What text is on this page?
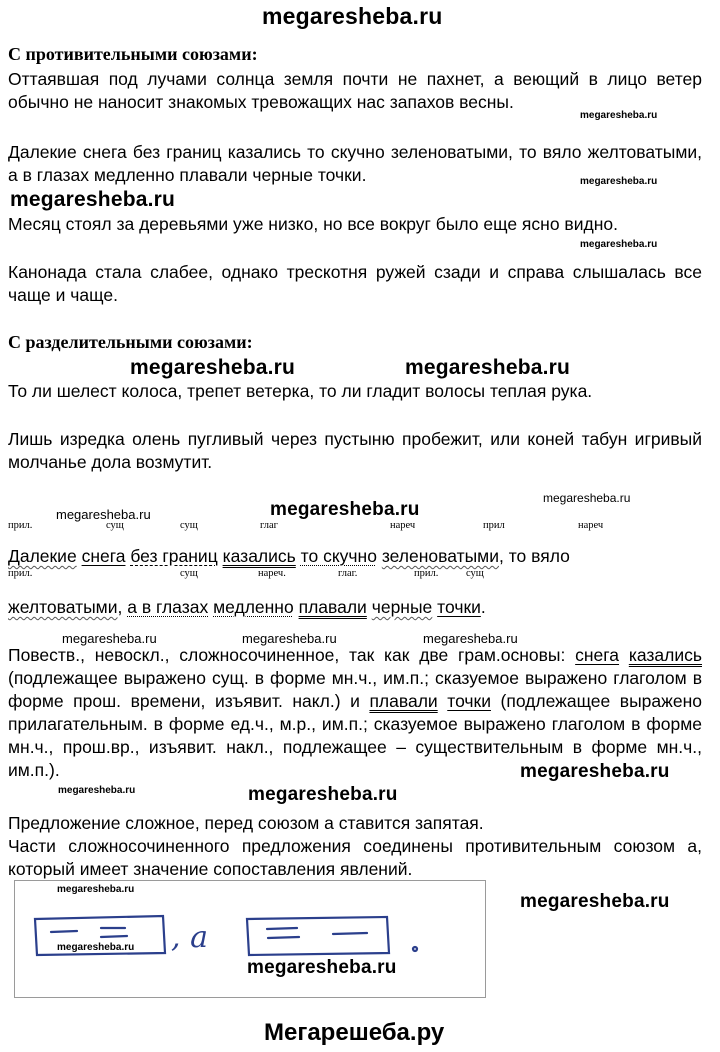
megaresheba.ru
С противительными союзами:

Оттаявшая под лучами солнца земля почти не пахнет, а веющий в лицо ветер обычно не наносит знакомых тревожащих нас запахов весны.

megaresheba.ru

Далекие снега без границ казались то скучно зеленоватыми, то вяло желтоватыми, а в глазах медленно плавали черные точки.

megaresheba.ru
megaresheba.ru

Месяц стоял за деревьями уже низко, но все вокруг было еще ясно видно.

megaresheba.ru

Канонада стала слабее, однако трескотня ружей сзади и справа слышалась все чаще и чаще.

С разделительными союзами:
megaresheba.ru	megaresheba.ru

То ли шелест колоса, трепет ветерка, то ли гладит волосы теплая рука.

Лишь изредка олень пугливый через пустыню пробежит, или коней табун игривый молчанье дола возмутит.

megaresheba.ru
megaresheba.ru
megaresheba.ru
прил.	сущ	сущ	глаг	нареч	прил	нареч
Далекие снега без границ казались то скучно зеленоватыми, то вяло
прил.	сущ	нареч.	глаг.	прил.	сущ
желтоватыми, а в глазах медленно плавали черные точки.
megaresheba.ru	megaresheba.ru	megaresheba.ru

Повеств., невоскл., сложносочиненное, так как две грам.основы: снега казались (подлежащее выражено сущ. в форме мн.ч., им.п.; сказуемое выражено глаголом в форме прош. времени, изъявит. накл.) и плавали точки (подлежащее выражено прилагательным. в форме ед.ч., м.р., им.п.; сказуемое выражено глаголом в форме мн.ч., прош.вр., изъявит. накл., подлежащее – существительным в форме мн.ч., им.п.).	megaresheba.ru
megaresheba.ru	megaresheba.ru

Предложение сложное, перед союзом а ставится запятая.

Части сложносочиненного предложения соединены противительным союзом а, который имеет значение сопоставления явлений.

, а
megaresheba.ru
megaresheba.ru
megaresheba.ru
megaresheba.ru
Мегарешеба.ру
